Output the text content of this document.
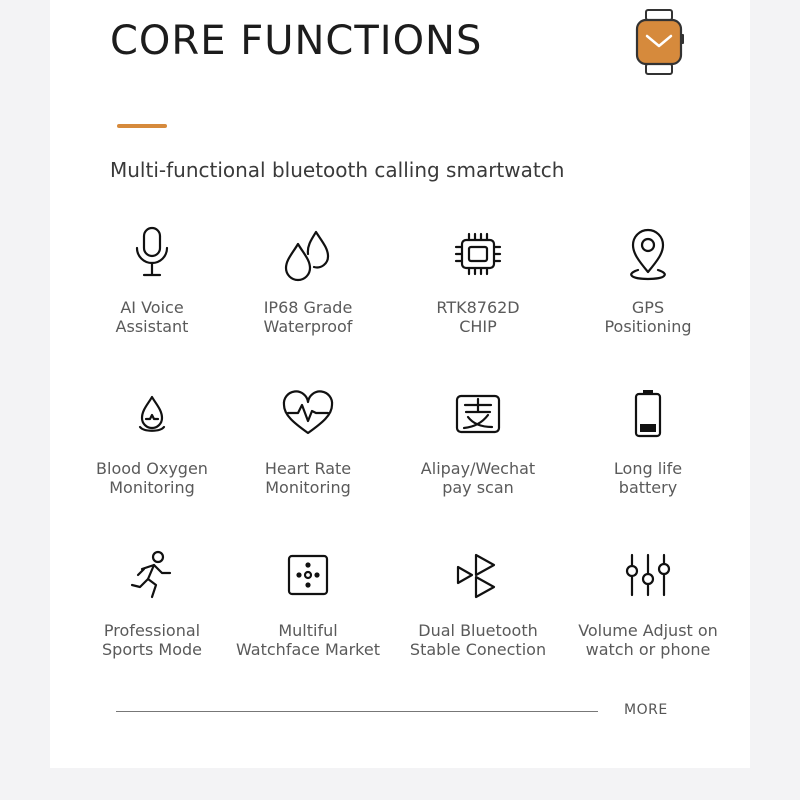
CORE FUNCTIONS
Multi-functional bluetooth calling smartwatch
AI Voice
Assistant
IP68 Grade
Waterproof
RTK8762D
CHIP
GPS
Positioning
Blood Oxygen
Monitoring
Heart Rate
Monitoring
Alipay/Wechat
pay scan
Long life
battery
Professional
Sports Mode
Multiful
Watchface Market
Dual Bluetooth
Stable Conection
Volume Adjust on
watch or phone
MORE
